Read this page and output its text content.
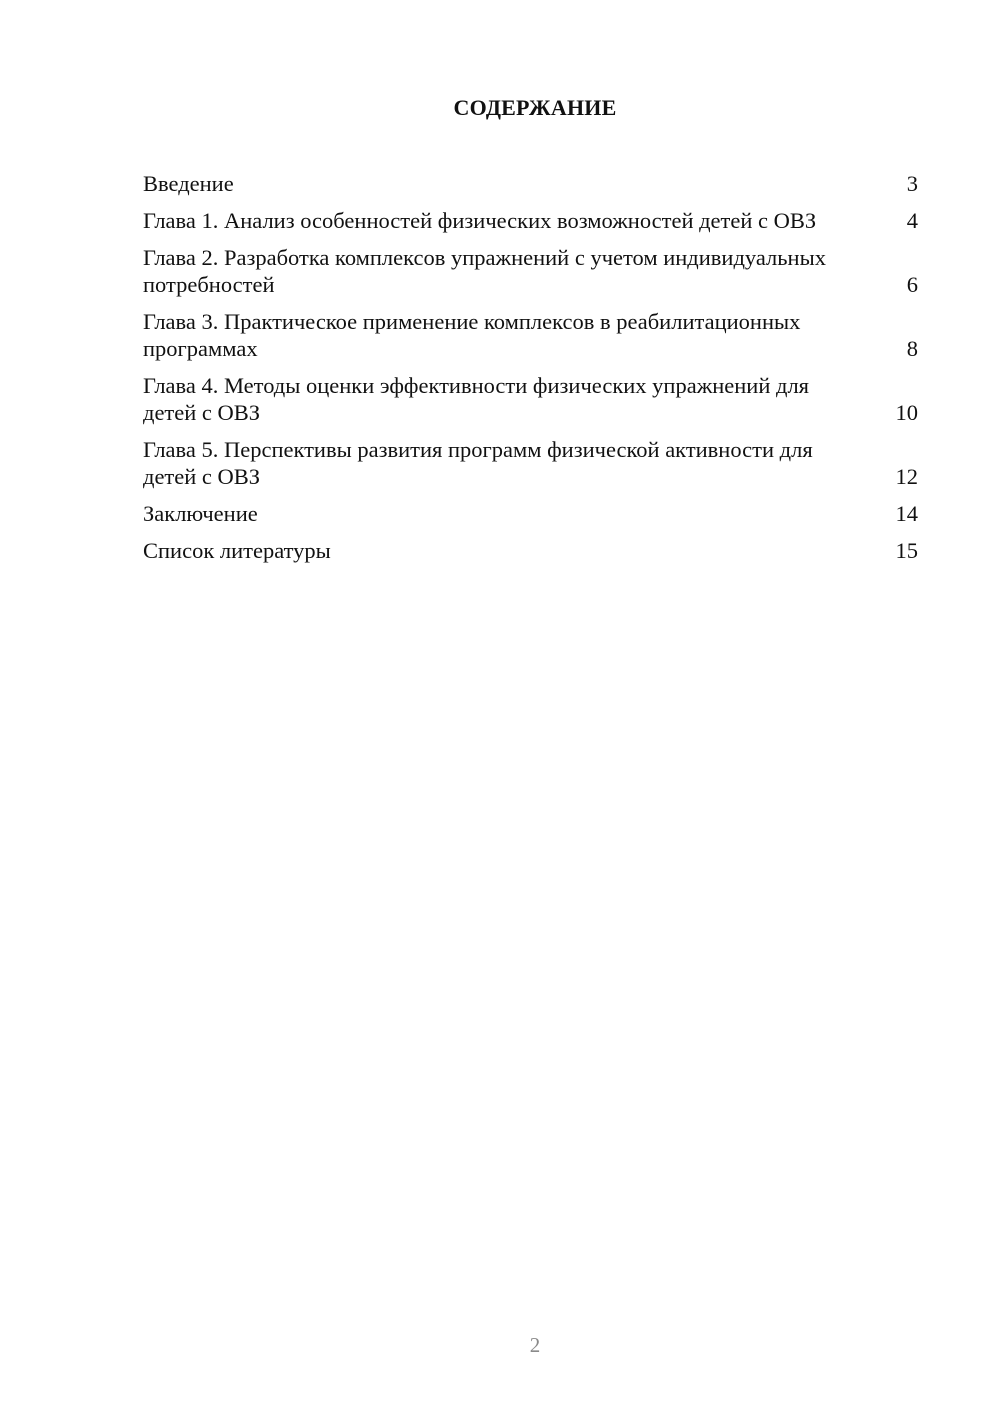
СОДЕРЖАНИЕ
Введение	3
Глава 1. Анализ особенностей физических возможностей детей с ОВЗ	4
Глава 2. Разработка комплексов упражнений с учетом индивидуальных потребностей	6
Глава 3. Практическое применение комплексов в реабилитационных программах	8
Глава 4. Методы оценки эффективности физических упражнений для детей с ОВЗ	10
Глава 5. Перспективы развития программ физической активности для детей с ОВЗ	12
Заключение	14
Список литературы	15
2
